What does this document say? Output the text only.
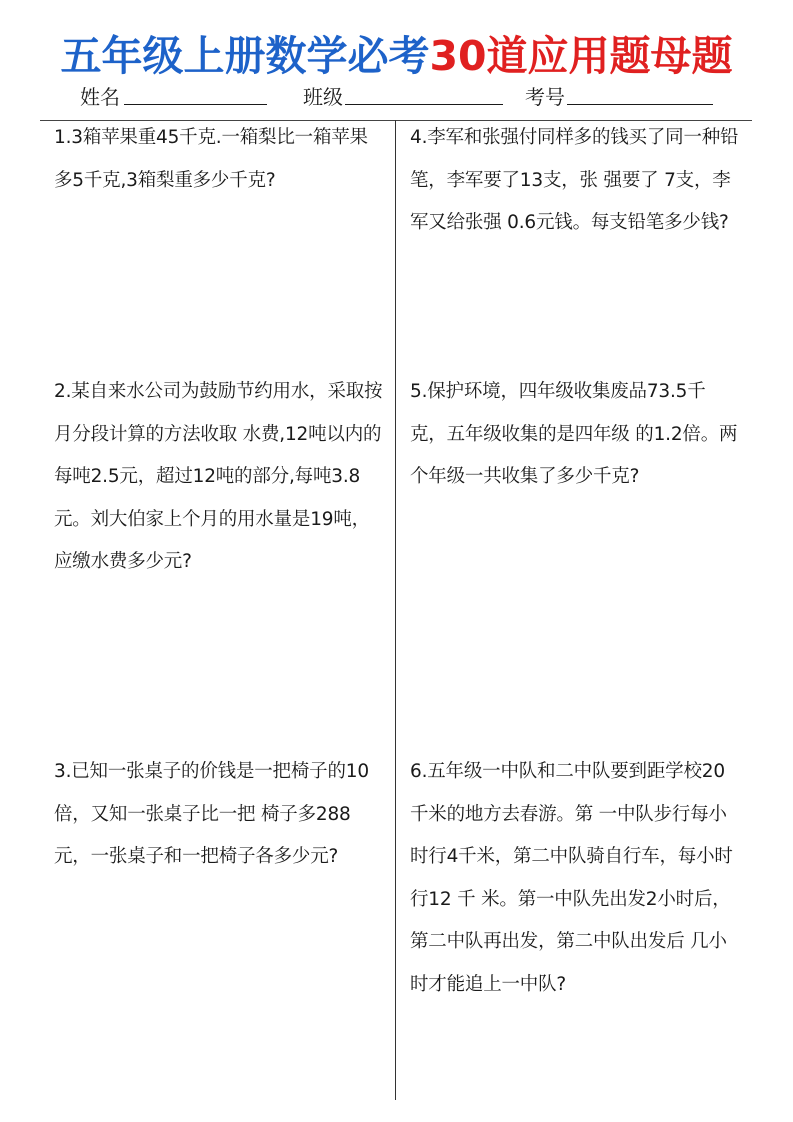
五年级上册数学必考30道应用题母题
姓名	班级	考号
1.3箱苹果重45千克.一箱梨比一箱苹果多5千克,3箱梨重多少千克?
2.某自来水公司为鼓励节约用水，采取按月分段计算的方法收取 水费,12吨以内的每吨2.5元，超过12吨的部分,每吨3.8元。刘大伯家上个月的用水量是19吨，应缴水费多少元?
3.已知一张桌子的价钱是一把椅子的10倍，又知一张桌子比一把 椅子多288元，一张桌子和一把椅子各多少元?
4.李军和张强付同样多的钱买了同一种铅笔，李军要了13支，张 强要了 7支，李军又给张强 0.6元钱。每支铅笔多少钱?
5.保护环境，四年级收集废品73.5千克，五年级收集的是四年级 的1.2倍。两个年级一共收集了多少千克?
6.五年级一中队和二中队要到距学校20 千米的地方去春游。第 一中队步行每小时行4千米，第二中队骑自行车，每小时行12 千 米。第一中队先出发2小时后，第二中队再出发，第二中队出发后 几小时才能追上一中队?
